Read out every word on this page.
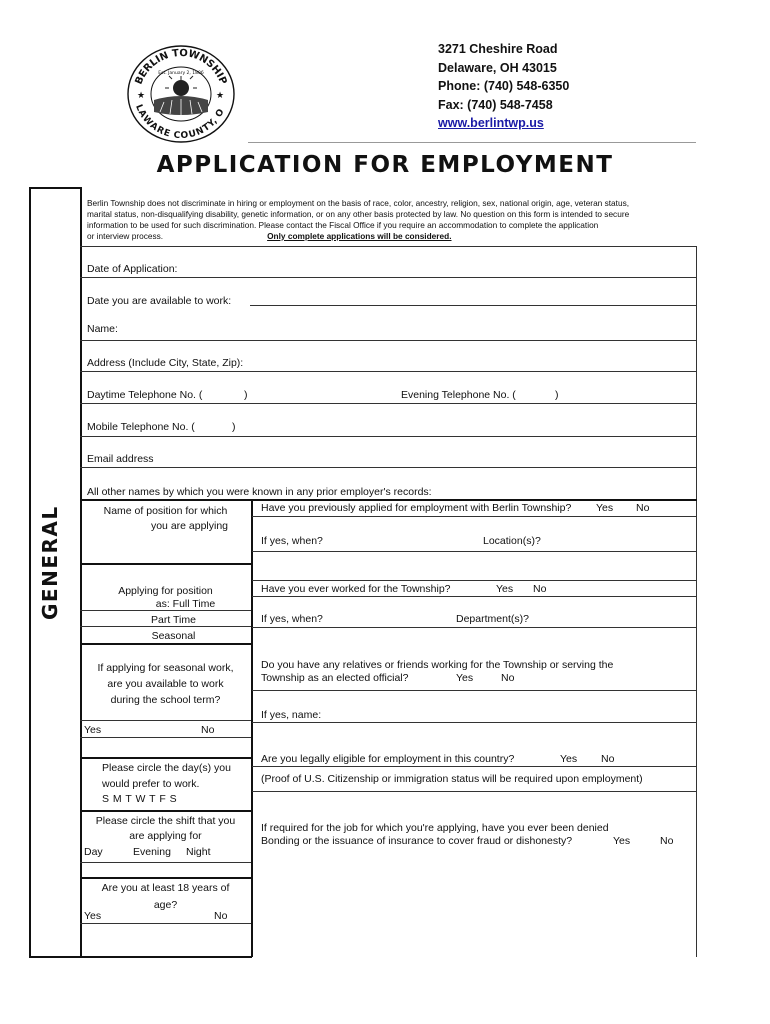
BERLIN TOWNSHIP
LAWARE COUNTY, O
Est. January 2, 1806
★	★
3271 Cheshire Road
Delaware, OH 43015
Phone: (740) 548-6350
Fax: (740) 548-7458
www.berlintwp.us
APPLICATION FOR EMPLOYMENT
Berlin Township does not discriminate in hiring or employment on the basis of race, color, ancestry, religion, sex, national origin, age, veteran status,
marital status, non-disqualifying disability, genetic information, or on any other basis protected by law. No question on this form is intended to secure
information to be used for such discrimination. Please contact the Fiscal Office if you require an accommodation to complete the application
or interview process.	Only complete applications will be considered.
GENERAL
Date of Application:
Date you are available to work:
Name:
Address (Include City, State, Zip):
Daytime Telephone No. (	)	Evening Telephone No. (	)
Mobile Telephone No. (	)
Email address
All other names by which you were known in any prior employer's records:
Name of position for which
you are applying
Applying for position
as: Full Time
Part Time
Seasonal
If applying for seasonal work,
are you available to work
during the school term?
Yes	No
Please circle the day(s) you
would prefer to work.
S M T W T F S
Please circle the shift that you
are applying for
Day	Evening Night
Are you at least 18 years of
age?
Yes	No
Have you previously applied for employment with Berlin Township? Yes No
If yes, when?	Location(s)?
Have you ever worked for the Township?	Yes No
If yes, when?	Department(s)?
Do you have any relatives or friends working for the Township or serving the
Township as an elected official?	Yes	No
If yes, name:
Are you legally eligible for employment in this country?	Yes No
(Proof of U.S. Citizenship or immigration status will be required upon employment)
If required for the job for which you're applying, have you ever been denied
Bonding or the issuance of insurance to cover fraud or dishonesty?	Yes	No
